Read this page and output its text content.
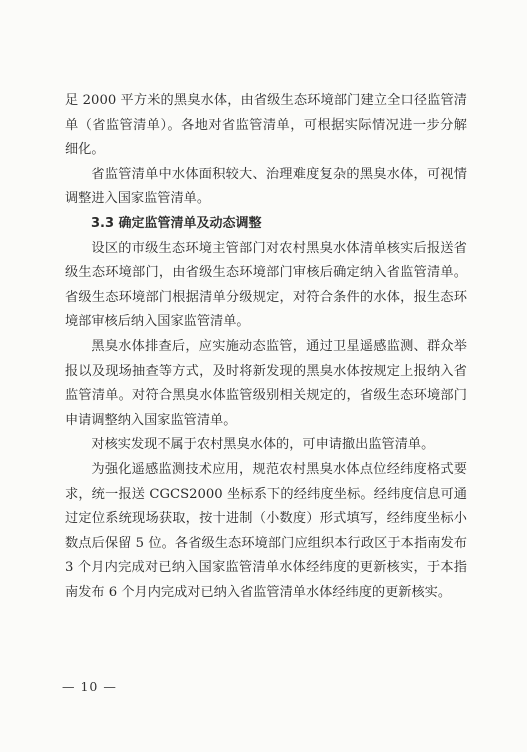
足 2000 平方米的黑臭水体，由省级生态环境部门建立全口径监管清单（省监管清单）。各地对省监管清单，可根据实际情况进一步分解细化。

省监管清单中水体面积较大、治理难度复杂的黑臭水体，可视情调整进入国家监管清单。

3.3 确定监管清单及动态调整

设区的市级生态环境主管部门对农村黑臭水体清单核实后报送省级生态环境部门，由省级生态环境部门审核后确定纳入省监管清单。省级生态环境部门根据清单分级规定，对符合条件的水体，报生态环境部审核后纳入国家监管清单。

黑臭水体排查后，应实施动态监管，通过卫星遥感监测、群众举报以及现场抽查等方式，及时将新发现的黑臭水体按规定上报纳入省监管清单。对符合黑臭水体监管级别相关规定的，省级生态环境部门申请调整纳入国家监管清单。

对核实发现不属于农村黑臭水体的，可申请撤出监管清单。

为强化遥感监测技术应用，规范农村黑臭水体点位经纬度格式要求，统一报送 CGCS2000 坐标系下的经纬度坐标。经纬度信息可通过定位系统现场获取，按十进制（小数度）形式填写，经纬度坐标小数点后保留 5 位。各省级生态环境部门应组织本行政区于本指南发布 3 个月内完成对已纳入国家监管清单水体经纬度的更新核实，于本指南发布 6 个月内完成对已纳入省监管清单水体经纬度的更新核实。

— 10 —
